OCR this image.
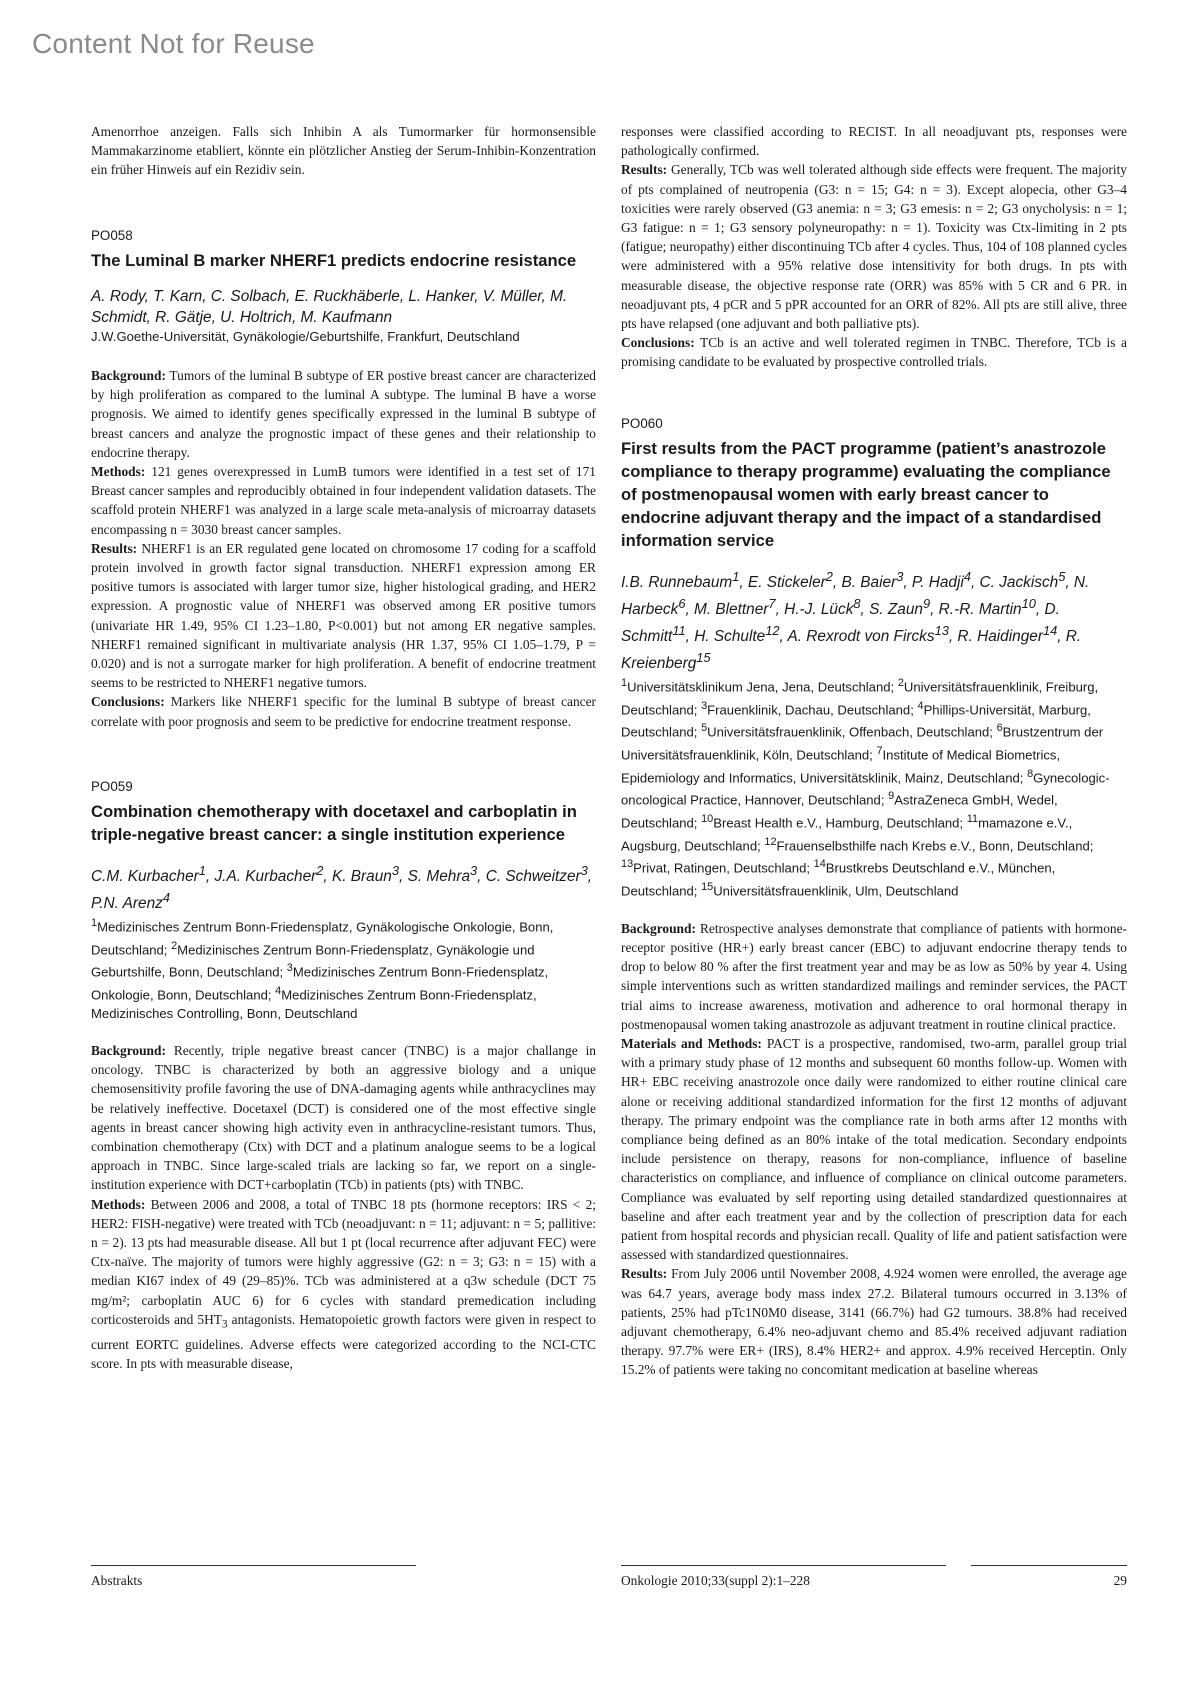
Content Not for Reuse

Amenorrhoe anzeigen. Falls sich Inhibin A als Tumormarker für hormonsensible Mammakarzinome etabliert, könnte ein plötzlicher Anstieg der Serum-Inhibin-Konzentration ein früher Hinweis auf ein Rezidiv sein.

PO058

The Luminal B marker NHERF1 predicts endocrine resistance

A. Rody, T. Karn, C. Solbach, E. Ruckhäberle, L. Hanker, V. Müller, M. Schmidt, R. Gätje, U. Holtrich, M. Kaufmann

J.W.Goethe-Universität, Gynäkologie/Geburtshilfe, Frankfurt, Deutschland

Background: Tumors of the luminal B subtype of ER postive breast cancer are characterized by high proliferation as compared to the luminal A subtype. The luminal B have a worse prognosis. We aimed to identify genes specifically expressed in the luminal B subtype of breast cancers and analyze the prognostic impact of these genes and their relationship to endocrine therapy.

Methods: 121 genes overexpressed in LumB tumors were identified in a test set of 171 Breast cancer samples and reproducibly obtained in four independent validation datasets. The scaffold protein NHERF1 was analyzed in a large scale meta-analysis of microarray datasets encompassing n = 3030 breast cancer samples.

Results: NHERF1 is an ER regulated gene located on chromosome 17 coding for a scaffold protein involved in growth factor signal transduction. NHERF1 expression among ER positive tumors is associated with larger tumor size, higher histological grading, and HER2 expression. A prognostic value of NHERF1 was observed among ER positive tumors (univariate HR 1.49, 95% CI 1.23–1.80, P<0.001) but not among ER negative samples. NHERF1 remained significant in multivariate analysis (HR 1.37, 95% CI 1.05–1.79, P = 0.020) and is not a surrogate marker for high proliferation. A benefit of endocrine treatment seems to be restricted to NHERF1 negative tumors.

Conclusions: Markers like NHERF1 specific for the luminal B subtype of breast cancer correlate with poor prognosis and seem to be predictive for endocrine treatment response.

PO059

Combination chemotherapy with docetaxel and carboplatin in triple-negative breast cancer: a single institution experience

C.M. Kurbacher$^1$, J.A. Kurbacher$^2$, K. Braun$^3$, S. Mehra$^3$, C. Schweitzer$^3$, P.N. Arenz$^4$

$^1$Medizinisches Zentrum Bonn-Friedensplatz, Gynäkologische Onkologie, Bonn, Deutschland; $^2$Medizinisches Zentrum Bonn-Friedensplatz, Gynäkologie und Geburtshilfe, Bonn, Deutschland; $^3$Medizinisches Zentrum Bonn-Friedensplatz, Onkologie, Bonn, Deutschland; $^4$Medizinisches Zentrum Bonn-Friedensplatz, Medizinisches Controlling, Bonn, Deutschland

Background: Recently, triple negative breast cancer (TNBC) is a major challange in oncology. TNBC is characterized by both an aggressive biology and a unique chemosensitivity profile favoring the use of DNA-damaging agents while anthracyclines may be relatively ineffective. Docetaxel (DCT) is considered one of the most effective single agents in breast cancer showing high activity even in anthracycline-resistant tumors. Thus, combination chemotherapy (Ctx) with DCT and a platinum analogue seems to be a logical approach in TNBC. Since large-scaled trials are lacking so far, we report on a single-institution experience with DCT+carboplatin (TCb) in patients (pts) with TNBC.

Methods: Between 2006 and 2008, a total of TNBC 18 pts (hormone receptors: IRS < 2; HER2: FISH-negative) were treated with TCb (neoadjuvant: n = 11; adjuvant: n = 5; pallitive: n = 2). 13 pts had measurable disease. All but 1 pt (local recurrence after adjuvant FEC) were Ctx-naïve. The majority of tumors were highly aggressive (G2: n = 3; G3: n = 15) with a median KI67 index of 49 (29–85)%. TCb was administered at a q3w schedule (DCT 75 mg/m²; carboplatin AUC 6) for 6 cycles with standard premedication including corticosteroids and $5HT_3$ antagonists. Hematopoietic growth factors were given in respect to current EORTC guidelines. Adverse effects were categorized according to the NCI-CTC score. In pts with measurable disease,

responses were classified according to RECIST. In all neoadjuvant pts, responses were pathologically confirmed.

Results: Generally, TCb was well tolerated although side effects were frequent. The majority of pts complained of neutropenia (G3: n = 15; G4: n = 3). Except alopecia, other G3–4 toxicities were rarely observed (G3 anemia: n = 3; G3 emesis: n = 2; G3 onycholysis: n = 1; G3 fatigue: n = 1; G3 sensory polyneuropathy: n = 1). Toxicity was Ctx-limiting in 2 pts (fatigue; neuropathy) either discontinuing TCb after 4 cycles. Thus, 104 of 108 planned cycles were administered with a 95% relative dose intensitivity for both drugs. In pts with measurable disease, the objective response rate (ORR) was 85% with 5 CR and 6 PR. in neoadjuvant pts, 4 pCR and 5 pPR accounted for an ORR of 82%. All pts are still alive, three pts have relapsed (one adjuvant and both palliative pts).

Conclusions: TCb is an active and well tolerated regimen in TNBC. Therefore, TCb is a promising candidate to be evaluated by prospective controlled trials.

PO060

First results from the PACT programme (patient’s anastrozole compliance to therapy programme) evaluating the compliance of postmenopausal women with early breast cancer to endocrine adjuvant therapy and the impact of a standardised information service

I.B. Runnebaum$^1$, E. Stickeler$^2$, B. Baier$^3$, P. Hadji$^4$, C. Jackisch$^5$, N. Harbeck$^6$, M. Blettner$^7$, H.-J. Lück$^8$, S. Zaun$^9$, R.-R. Martin$^{10}$, D. Schmitt$^{11}$, H. Schulte$^{12}$, A. Rexrodt von Fircks$^{13}$, R. Haidinger$^{14}$, R. Kreienberg$^{15}$

$^1$Universitätsklinikum Jena, Jena, Deutschland; $^2$Universitätsfrauenklinik, Freiburg, Deutschland; $^3$Frauenklinik, Dachau, Deutschland; $^4$Phillips-Universität, Marburg, Deutschland; $^5$Universitätsfrauenklinik, Offenbach, Deutschland; $^6$Brustzentrum der Universitätsfrauenklinik, Köln, Deutschland; $^7$Institute of Medical Biometrics, Epidemiology and Informatics, Universitätsklinik, Mainz, Deutschland; $^8$Gynecologic-oncological Practice, Hannover, Deutschland; $^9$AstraZeneca GmbH, Wedel, Deutschland; $^{10}$Breast Health e.V., Hamburg, Deutschland; $^{11}$mamazone e.V., Augsburg, Deutschland; $^{12}$Frauenselbsthilfe nach Krebs e.V., Bonn, Deutschland; $^{13}$Privat, Ratingen, Deutschland; $^{14}$Brustkrebs Deutschland e.V., München, Deutschland; $^{15}$Universitätsfrauenklinik, Ulm, Deutschland

Background: Retrospective analyses demonstrate that compliance of patients with hormone-receptor positive (HR+) early breast cancer (EBC) to adjuvant endocrine therapy tends to drop to below 80 % after the first treatment year and may be as low as 50% by year 4. Using simple interventions such as written standardized mailings and reminder services, the PACT trial aims to increase awareness, motivation and adherence to oral hormonal therapy in postmenopausal women taking anastrozole as adjuvant treatment in routine clinical practice.

Materials and Methods: PACT is a prospective, randomised, two-arm, parallel group trial with a primary study phase of 12 months and subsequent 60 months follow-up. Women with HR+ EBC receiving anastrozole once daily were randomized to either routine clinical care alone or receiving additional standardized information for the first 12 months of adjuvant therapy. The primary endpoint was the compliance rate in both arms after 12 months with compliance being defined as an 80% intake of the total medication. Secondary endpoints include persistence on therapy, reasons for non-compliance, influence of baseline characteristics on compliance, and influence of compliance on clinical outcome parameters. Compliance was evaluated by self reporting using detailed standardized questionnaires at baseline and after each treatment year and by the collection of prescription data for each patient from hospital records and physician recall. Quality of life and patient satisfaction were assessed with standardized questionnaires.

Results: From July 2006 until November 2008, 4.924 women were enrolled, the average age was 64.7 years, average body mass index 27.2. Bilateral tumours occurred in 3.13% of patients, 25% had pTc1N0M0 disease, 3141 (66.7%) had G2 tumours. 38.8% had received adjuvant chemotherapy, 6.4% neo-adjuvant chemo and 85.4% received adjuvant radiation therapy. 97.7% were ER+ (IRS), 8.4% HER2+ and approx. 4.9% received Herceptin. Only 15.2% of patients were taking no concomitant medication at baseline whereas

Abstrakts	Onkologie 2010;33(suppl 2):1–228	29
